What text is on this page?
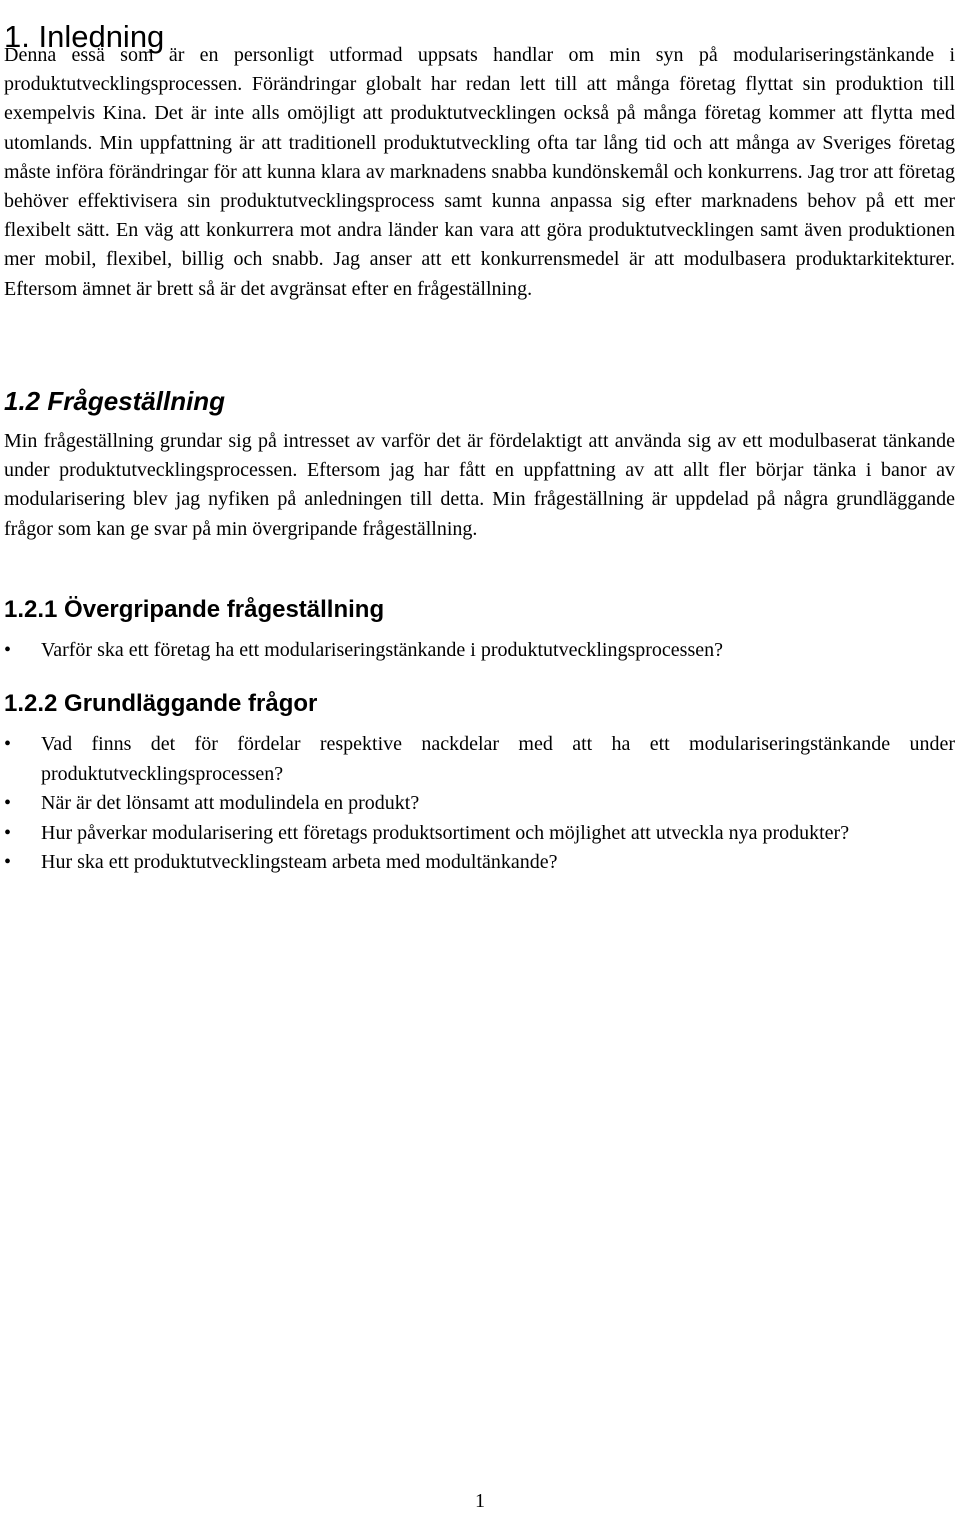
1. Inledning

Denna essä som är en personligt utformad uppsats handlar om min syn på modulariseringstänkande i produktutvecklingsprocessen. Förändringar globalt har redan lett till att många företag flyttat sin produktion till exempelvis Kina. Det är inte alls omöjligt att produktutvecklingen också på många företag kommer att flytta med utomlands. Min uppfattning är att traditionell produktutveckling ofta tar lång tid och att många av Sveriges företag måste införa förändringar för att kunna klara av marknadens snabba kundönskemål och konkurrens. Jag tror att företag behöver effektivisera sin produktutvecklingsprocess samt kunna anpassa sig efter marknadens behov på ett mer flexibelt sätt. En väg att konkurrera mot andra länder kan vara att göra produktutvecklingen samt även produktionen mer mobil, flexibel, billig och snabb. Jag anser att ett konkurrensmedel är att modulbasera produktarkitekturer. Eftersom ämnet är brett så är det avgränsat efter en frågeställning.

1.2 Frågeställning

Min frågeställning grundar sig på intresset av varför det är fördelaktigt att använda sig av ett modulbaserat tänkande under produktutvecklingsprocessen. Eftersom jag har fått en uppfattning av att allt fler börjar tänka i banor av modularisering blev jag nyfiken på anledningen till detta. Min frågeställning är uppdelad på några grundläggande frågor som kan ge svar på min övergripande frågeställning.

1.2.1 Övergripande frågeställning
• Varför ska ett företag ha ett modulariseringstänkande i produktutvecklingsprocessen?
1.2.2 Grundläggande frågor
• Vad finns det för fördelar respektive nackdelar med att ha ett modulariseringstänkande under produktutvecklingsprocessen?
• När är det lönsamt att modulindela en produkt?
• Hur påverkar modularisering ett företags produktsortiment och möjlighet att utveckla nya produkter?
• Hur ska ett produktutvecklingsteam arbeta med modultänkande?
1
